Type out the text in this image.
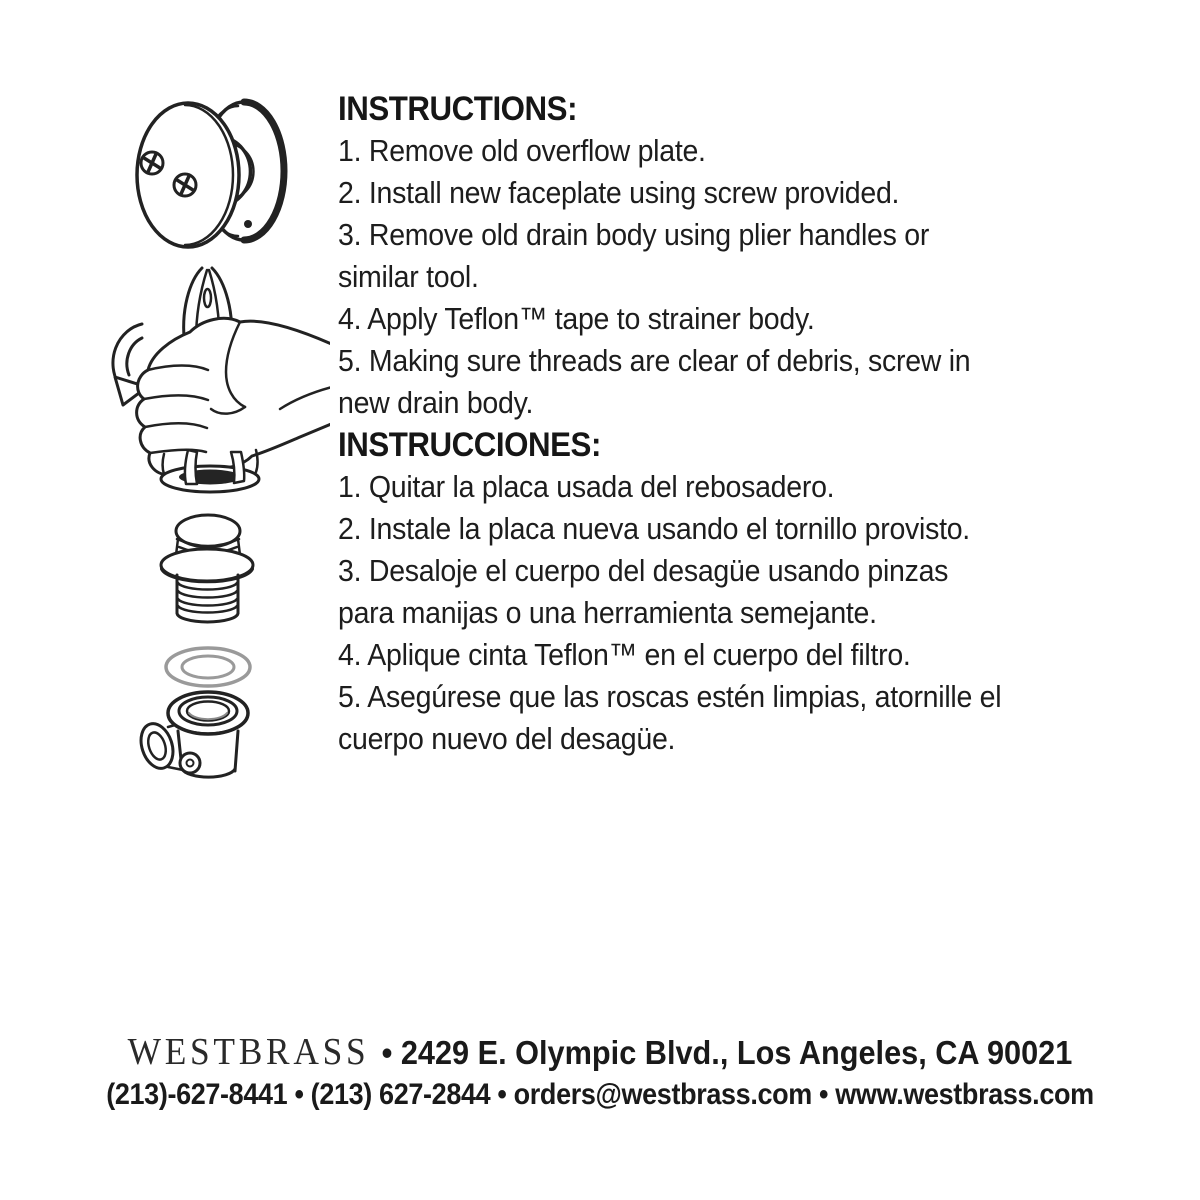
INSTRUCTIONS:
1. Remove old overflow plate.
2. Install new faceplate using screw provided.
3. Remove old drain body using plier handles or
similar tool.
4. Apply Teflon™ tape to strainer body.
5. Making sure threads are clear of debris, screw in
new drain body.
INSTRUCCIONES:
1. Quitar la placa usada del rebosadero.
2. Instale la placa nueva usando el tornillo provisto.
3. Desaloje el cuerpo del desagüe usando pinzas
para manijas o una herramienta semejante.
4. Aplique cinta Teflon™ en el cuerpo del filtro.
5. Asegúrese que las roscas estén limpias, atornille el
cuerpo nuevo del desagüe.
WESTBRASS • 2429 E. Olympic Blvd., Los Angeles, CA 90021
(213)-627-8441 • (213) 627-2844 • orders@westbrass.com • www.westbrass.com
